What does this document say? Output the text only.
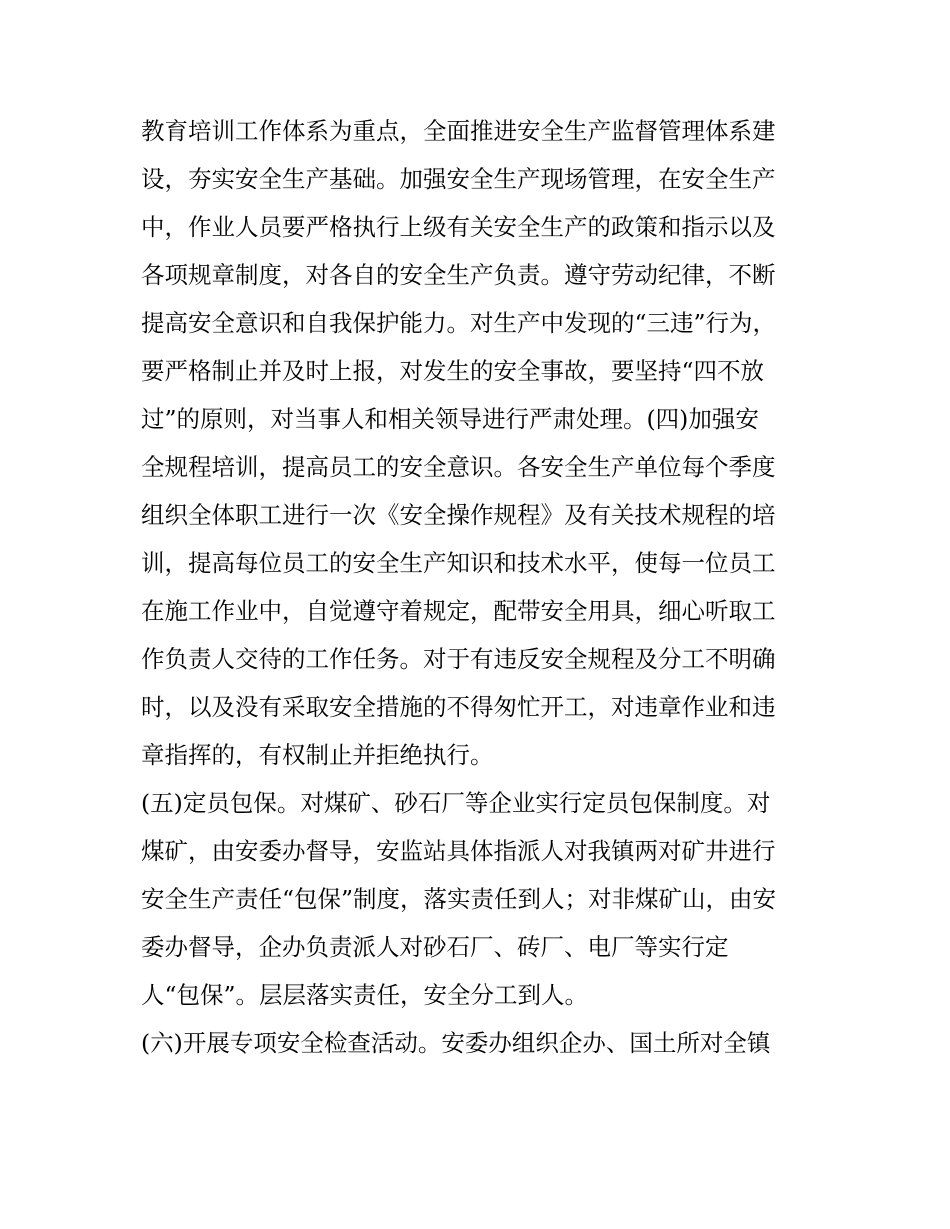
教育培训工作体系为重点，全面推进安全生产监督管理体系建
设，夯实安全生产基础。加强安全生产现场管理，在安全生产
中，作业人员要严格执行上级有关安全生产的政策和指示以及
各项规章制度，对各自的安全生产负责。遵守劳动纪律，不断
提高安全意识和自我保护能力。对生产中发现的“三违”行为，
要严格制止并及时上报，对发生的安全事故，要坚持“四不放
过”的原则，对当事人和相关领导进行严肃处理。(四)加强安
全规程培训，提高员工的安全意识。各安全生产单位每个季度
组织全体职工进行一次《安全操作规程》及有关技术规程的培
训，提高每位员工的安全生产知识和技术水平，使每一位员工
在施工作业中，自觉遵守着规定，配带安全用具，细心听取工
作负责人交待的工作任务。对于有违反安全规程及分工不明确
时，以及没有采取安全措施的不得匆忙开工，对违章作业和违
章指挥的，有权制止并拒绝执行。
(五)定员包保。对煤矿、砂石厂等企业实行定员包保制度。对
煤矿，由安委办督导，安监站具体指派人对我镇两对矿井进行
安全生产责任“包保”制度，落实责任到人；对非煤矿山，由安
委办督导，企办负责派人对砂石厂、砖厂、电厂等实行定
人“包保”。层层落实责任，安全分工到人。
(六)开展专项安全检查活动。安委办组织企办、国土所对全镇
